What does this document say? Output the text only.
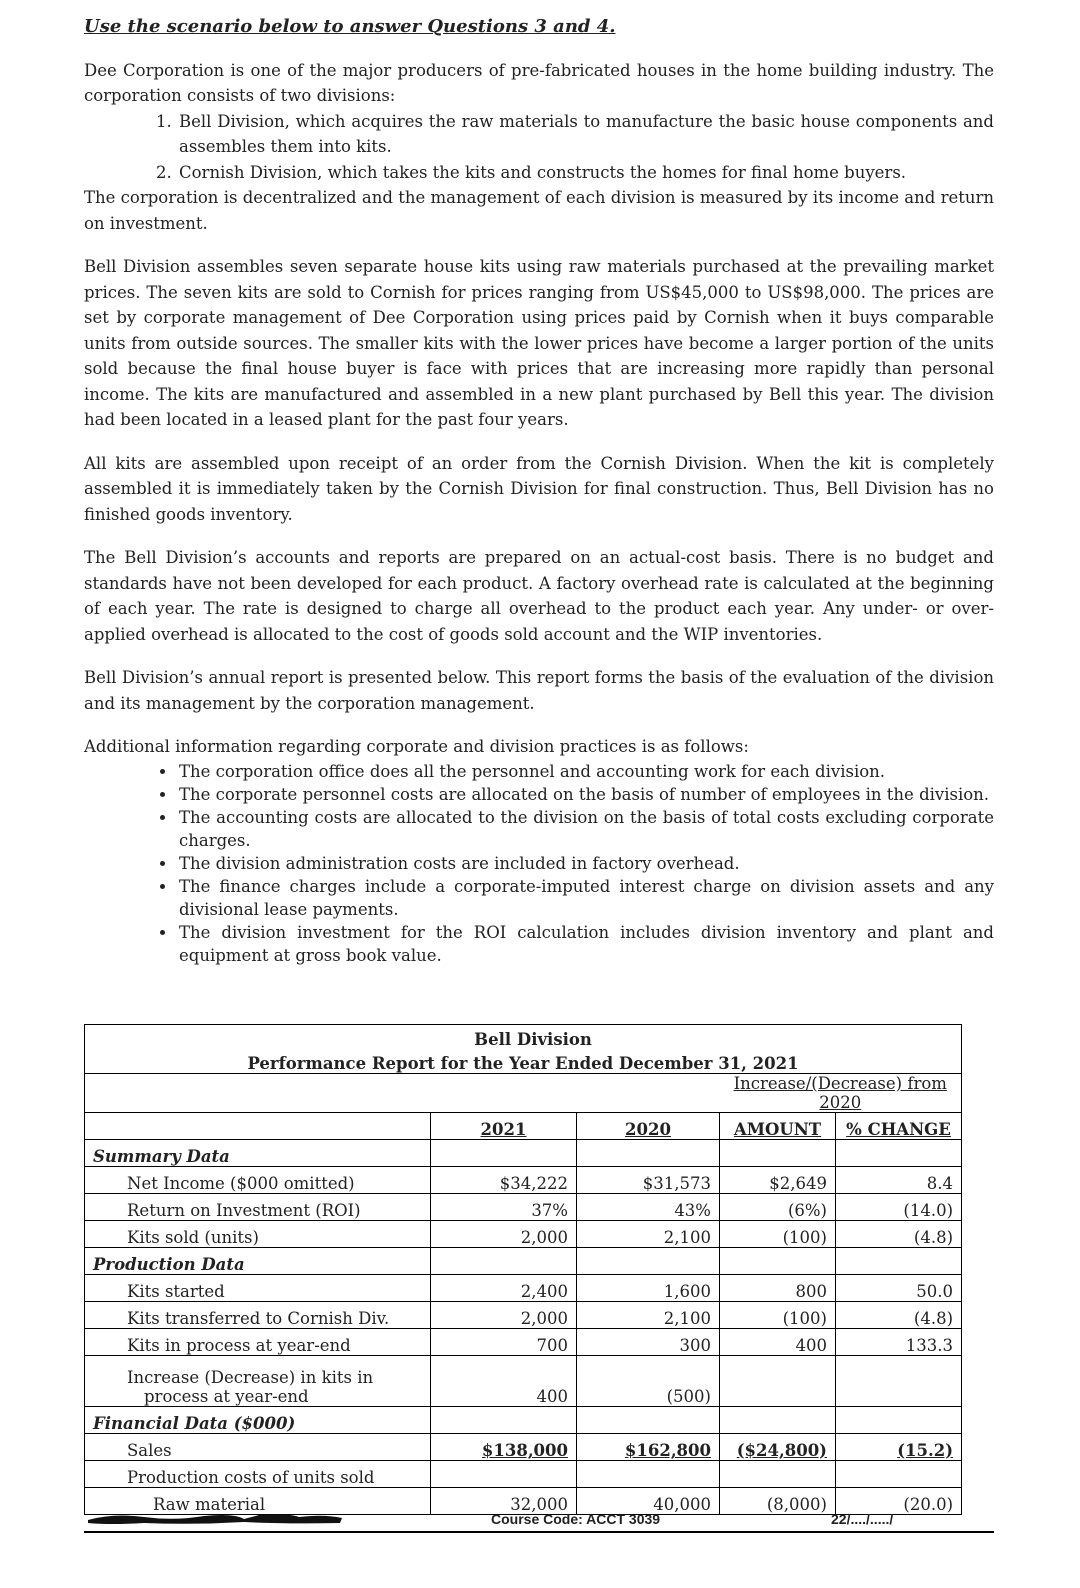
Use the scenario below to answer Questions 3 and 4.

Dee Corporation is one of the major producers of pre-fabricated houses in the home building industry. The corporation consists of two divisions:

1. Bell Division, which acquires the raw materials to manufacture the basic house components and assembles them into kits.
2. Cornish Division, which takes the kits and constructs the homes for final home buyers.

The corporation is decentralized and the management of each division is measured by its income and return on investment.

Bell Division assembles seven separate house kits using raw materials purchased at the prevailing market prices. The seven kits are sold to Cornish for prices ranging from US$45,000 to US$98,000. The prices are set by corporate management of Dee Corporation using prices paid by Cornish when it buys comparable units from outside sources. The smaller kits with the lower prices have become a larger portion of the units sold because the final house buyer is face with prices that are increasing more rapidly than personal income. The kits are manufactured and assembled in a new plant purchased by Bell this year. The division had been located in a leased plant for the past four years.

All kits are assembled upon receipt of an order from the Cornish Division. When the kit is completely assembled it is immediately taken by the Cornish Division for final construction. Thus, Bell Division has no finished goods inventory.

The Bell Division’s accounts and reports are prepared on an actual-cost basis. There is no budget and standards have not been developed for each product. A factory overhead rate is calculated at the beginning of each year. The rate is designed to charge all overhead to the product each year. Any under- or over- applied overhead is allocated to the cost of goods sold account and the WIP inventories.

Bell Division’s annual report is presented below. This report forms the basis of the evaluation of the division and its management by the corporation management.

Additional information regarding corporate and division practices is as follows:

• The corporation office does all the personnel and accounting work for each division.
• The corporate personnel costs are allocated on the basis of number of employees in the division.
• The accounting costs are allocated to the division on the basis of total costs excluding corporate charges.
• The division administration costs are included in factory overhead.
• The finance charges include a corporate-imputed interest charge on division assets and any divisional lease payments.
• The division investment for the ROI calculation includes division inventory and plant and equipment at gross book value.
Bell Division				

Performance Report for the Year Ended December 31, 2021				

			Increase/(Decrease) from 2020	
	2021	2020	AMOUNT	% CHANGE
Summary Data				
Net Income ($000 omitted)	$34,222	$31,573	$2,649	8.4
Return on Investment (ROI)	37%	43%	(6%)	(14.0)
Kits sold (units)	2,000	2,100	(100)	(4.8)
Production Data				
Kits started	2,400	1,600	800	50.0
Kits transferred to Cornish Div.	2,000	2,100	(100)	(4.8)
Kits in process at year-end	700	300	400	133.3

Increase (Decrease) in kits in
process at year-end	400	(500)		
Financial Data ($000)				
Sales	$138,000	$162,800	($24,800)	(15.2)
Production costs of units sold				
Raw material	32,000	40,000	(8,000)	(20.0)
Course Code: ACCT 3039	22/..../...../
